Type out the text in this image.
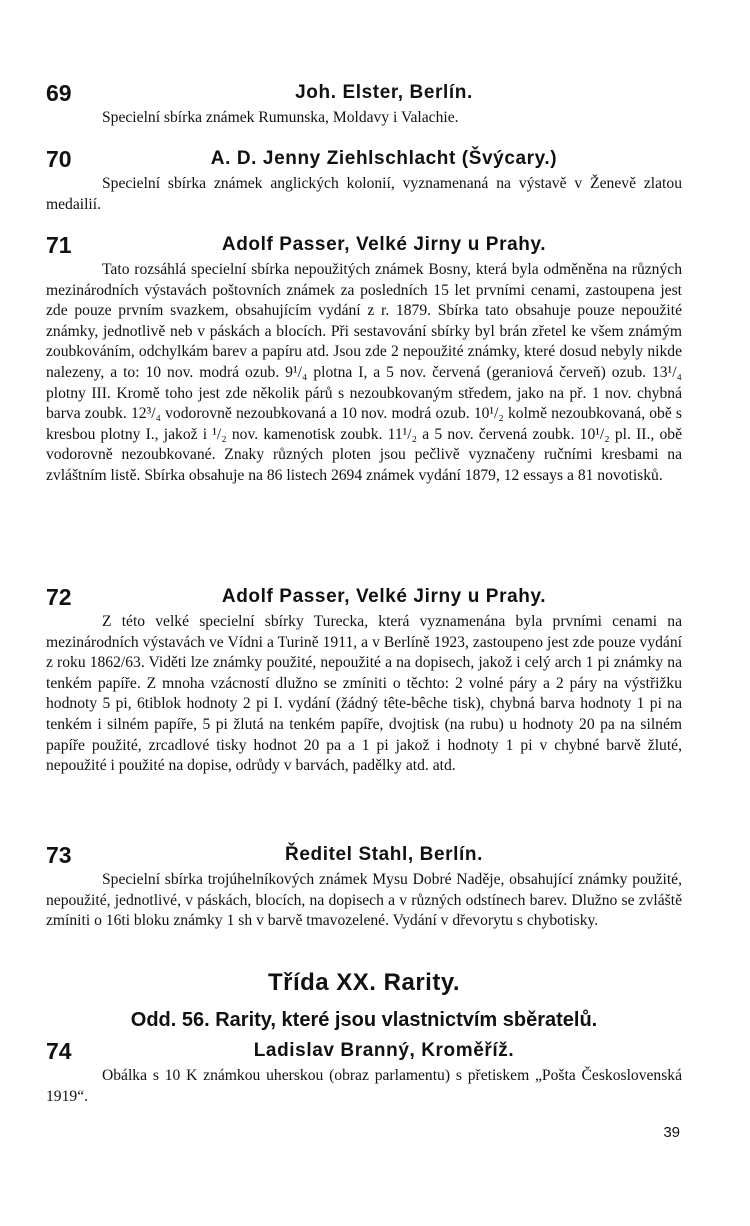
69	Joh. Elster, Berlín.
Specielní sbírka známek Rumunska, Moldavy i Valachie.
70	A. D. Jenny Ziehlschlacht (Švýcary.)
Specielní sbírka známek anglických kolonií, vyznamenaná na výstavě v Ženevě zlatou medailií.
71	Adolf Passer, Velké Jirny u Prahy.
Tato rozsáhlá specielní sbírka nepoužitých známek Bosny, která byla odměněna na různých mezinárodních výstavách poštovních známek za posledních 15 let prvními cenami, zastoupena jest zde pouze prvním svazkem, obsahujícím vydání z r. 1879. Sbírka tato obsahuje pouze nepoužité známky, jednotlivě neb v páskách a blocích. Při sestavování sbírky byl brán zřetel ke všem známým zoubkováním, odchylkám barev a papíru atd. Jsou zde 2 nepoužité známky, které dosud nebyly nikde nalezeny, a to: 10 nov. modrá ozub. 9¹/₄ plotna I, a 5 nov. červená (geraniová červeň) ozub. 13¹/₄ plotny III. Kromě toho jest zde několik párů s nezoubkovaným středem, jako na př. 1 nov. chybná barva zoubk. 12³/₄ vodorovně nezoubkovaná a 10 nov. modrá ozub. 10¹/₂ kolmě nezoubkovaná, obě s kresbou plotny I., jakož i ¹/₂ nov. kamenotisk zoubk. 11¹/₂ a 5 nov. červená zoubk. 10¹/₂ pl. II., obě vodorovně nezoubkované. Znaky různých ploten jsou pečlivě vyznačeny ručními kresbami na zvláštním listě. Sbírka obsahuje na 86 listech 2694 známek vydání 1879, 12 essays a 81 novotisků.
72	Adolf Passer, Velké Jirny u Prahy.
Z této velké specielní sbírky Turecka, která vyznamenána byla prvními cenami na mezinárodních výstavách ve Vídni a Turině 1911, a v Berlíně 1923, zastoupeno jest zde pouze vydání z roku 1862/63. Viděti lze známky použité, nepoužité a na dopisech, jakož i celý arch 1 pi známky na tenkém papíře. Z mnoha vzácností dlužno se zmíniti o těchto: 2 volné páry a 2 páry na výstřižku hodnoty 5 pi, 6tiblok hodnoty 2 pi I. vydání (žádný tête-bêche tisk), chybná barva hodnoty 1 pi na tenkém i silném papíře, 5 pi žlutá na tenkém papíře, dvojtisk (na rubu) u hodnoty 20 pa na silném papíře použité, zrcadlové tisky hodnot 20 pa a 1 pi jakož i hodnoty 1 pi v chybné barvě žluté, nepoužité i použité na dopise, odrůdy v barvách, padělky atd. atd.
73	Ředitel Stahl, Berlín.
Specielní sbírka trojúhelníkových známek Mysu Dobré Naděje, obsahující známky použité, nepoužité, jednotlivé, v páskách, blocích, na dopisech a v různých odstínech barev. Dlužno se zvláště zmíniti o 16ti bloku známky 1 sh v barvě tmavozelené. Vydání v dřevorytu s chybotisky.
Třída XX. Rarity.
Odd. 56. Rarity, které jsou vlastnictvím sběratelů.
74	Ladislav Branný, Kroměříž.
Obálka s 10 K známkou uherskou (obraz parlamentu) s přetiskem „Pošta Československá 1919“.
39
